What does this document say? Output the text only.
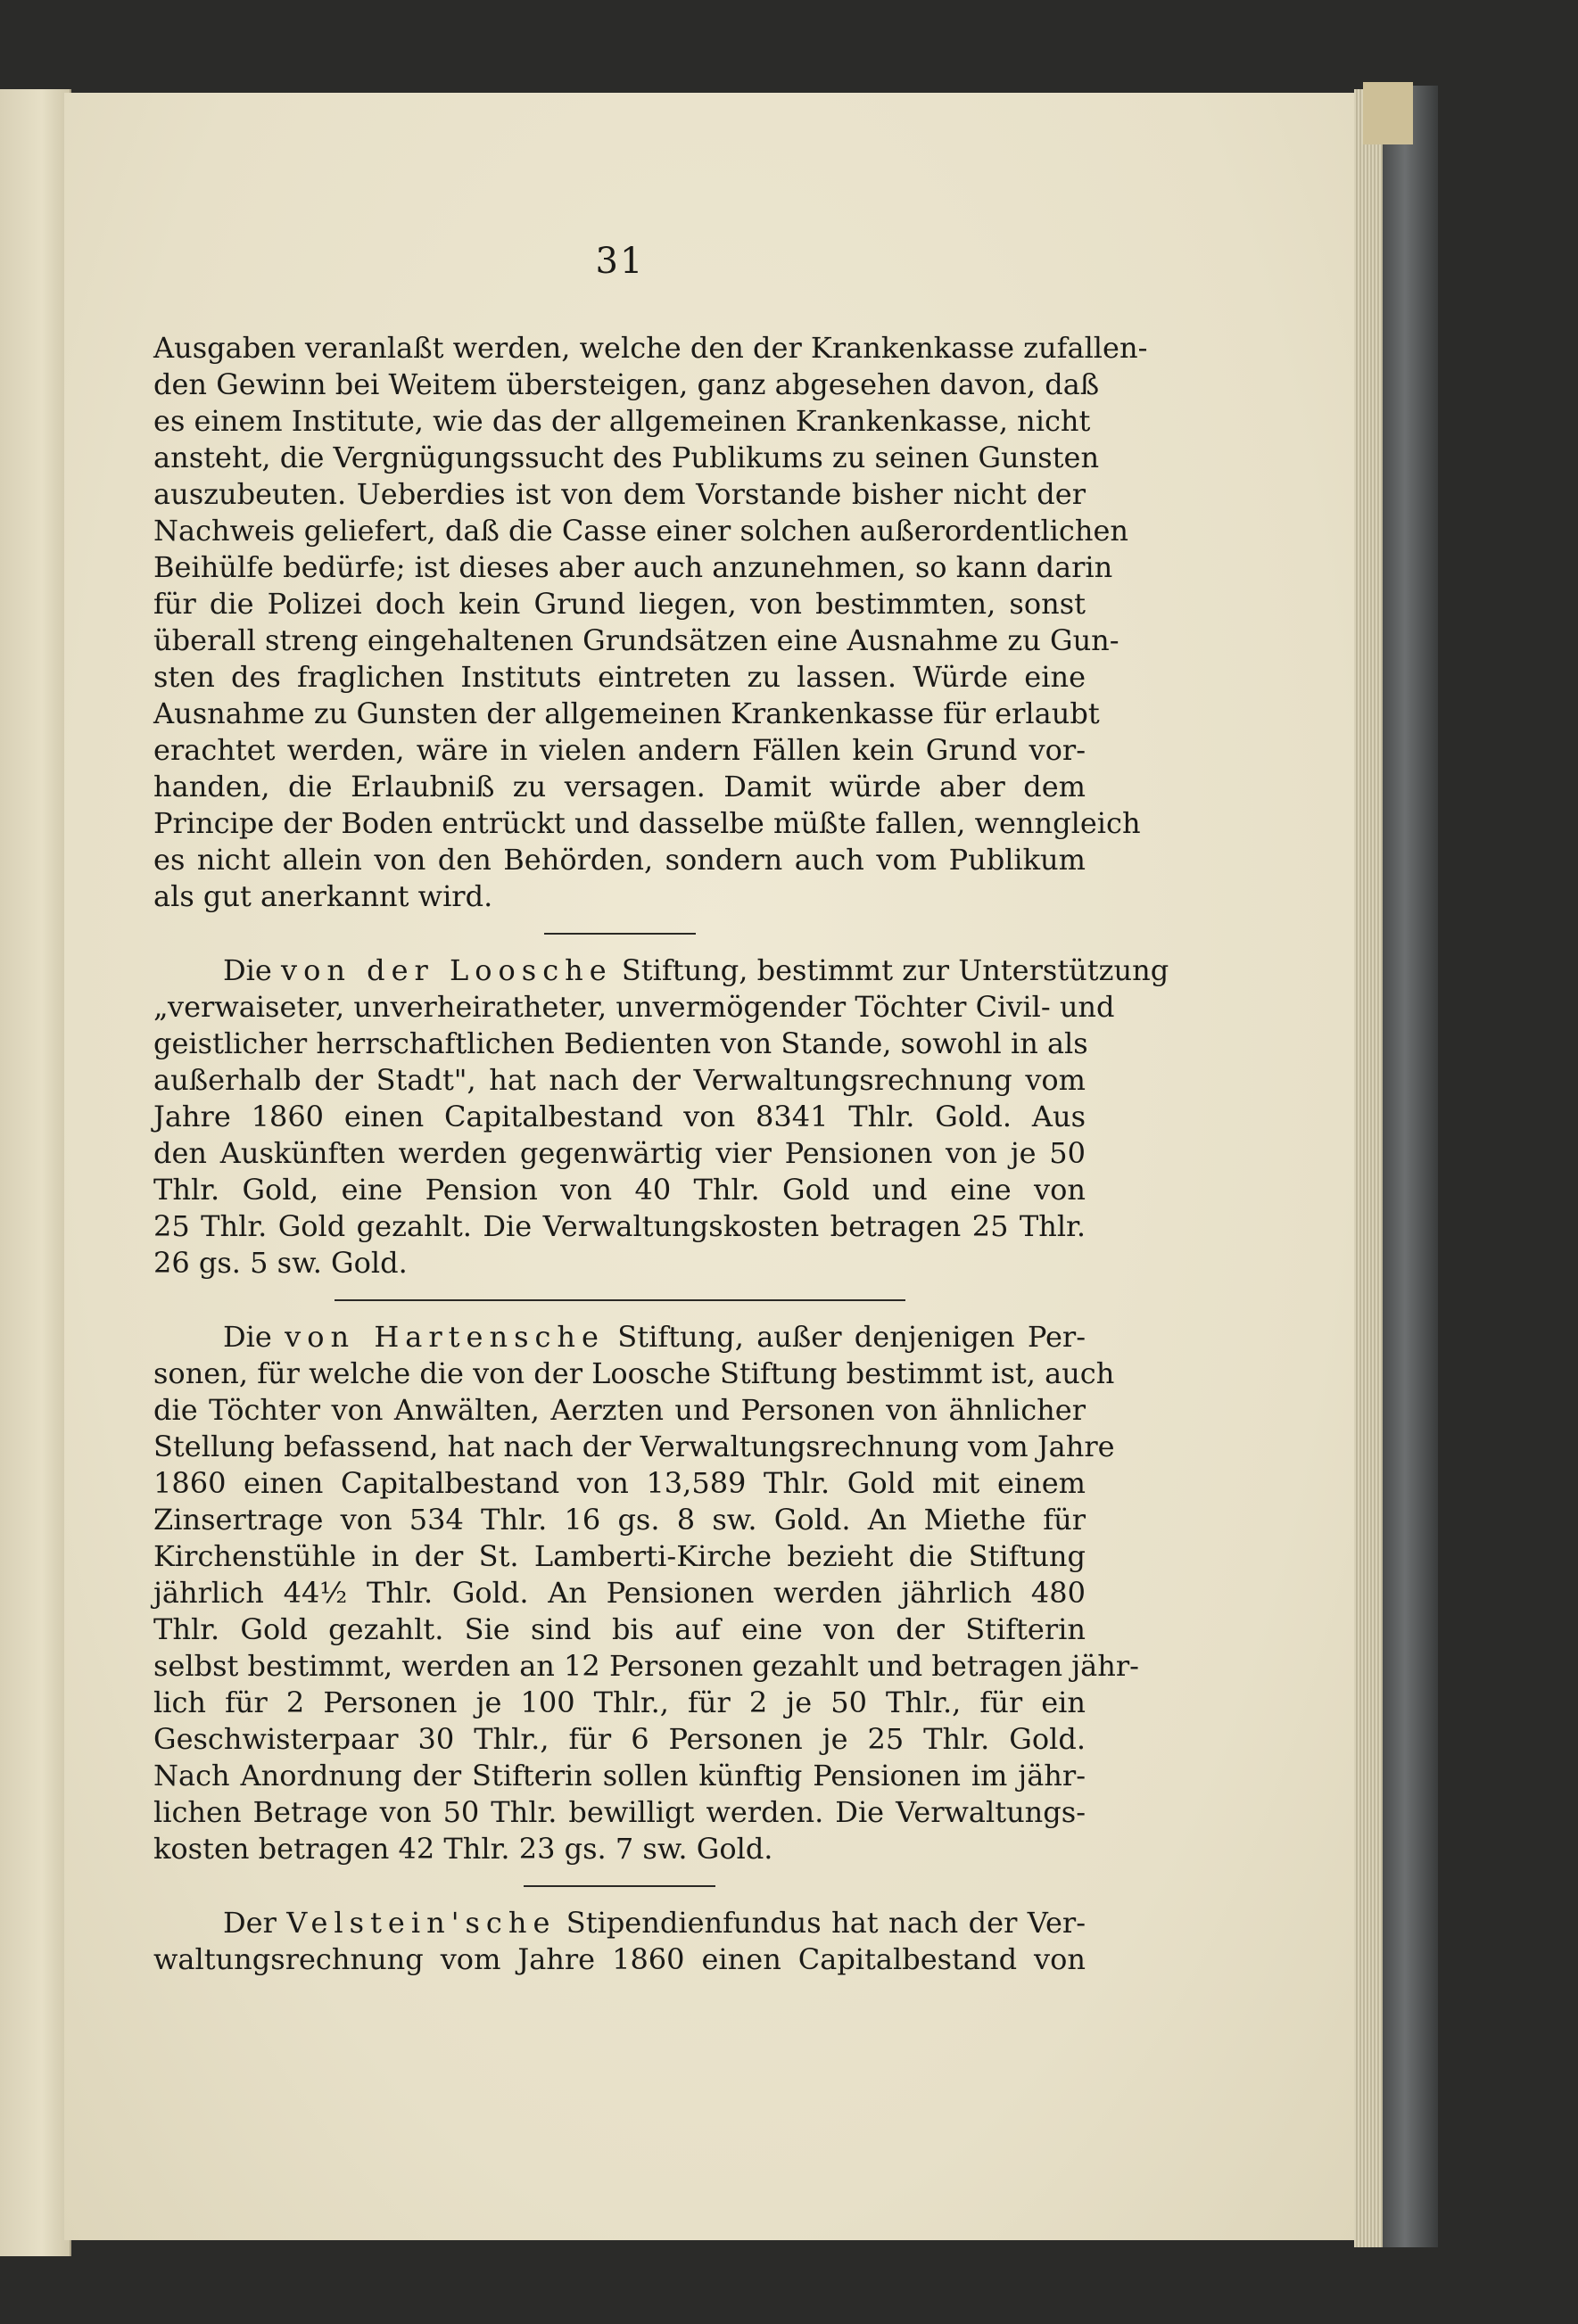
31

Ausgaben veranlaßt werden, welche den der Krankenkasse zufallen-
den Gewinn bei Weitem übersteigen, ganz abgesehen davon, daß
es einem Institute, wie das der allgemeinen Krankenkasse, nicht
ansteht, die Vergnügungssucht des Publikums zu seinen Gunsten
auszubeuten. Ueberdies ist von dem Vorstande bisher nicht der
Nachweis geliefert, daß die Casse einer solchen außerordentlichen
Beihülfe bedürfe; ist dieses aber auch anzunehmen, so kann darin
für die Polizei doch kein Grund liegen, von bestimmten, sonst
überall streng eingehaltenen Grundsätzen eine Ausnahme zu Gun-
sten des fraglichen Instituts eintreten zu lassen. Würde eine
Ausnahme zu Gunsten der allgemeinen Krankenkasse für erlaubt
erachtet werden, wäre in vielen andern Fällen kein Grund vor-
handen, die Erlaubniß zu versagen. Damit würde aber dem
Principe der Boden entrückt und dasselbe müßte fallen, wenngleich
es nicht allein von den Behörden, sondern auch vom Publikum
als gut anerkannt wird.

Die von der Loosche Stiftung, bestimmt zur Unterstützung
„verwaiseter, unverheiratheter, unvermögender Töchter Civil- und
geistlicher herrschaftlichen Bedienten von Stande, sowohl in als
außerhalb der Stadt", hat nach der Verwaltungsrechnung vom
Jahre 1860 einen Capitalbestand von 8341 Thlr. Gold. Aus
den Auskünften werden gegenwärtig vier Pensionen von je 50
Thlr. Gold, eine Pension von 40 Thlr. Gold und eine von
25 Thlr. Gold gezahlt. Die Verwaltungskosten betragen 25 Thlr.
26 gs. 5 sw. Gold.

Die von Hartensche Stiftung, außer denjenigen Per-
sonen, für welche die von der Loosche Stiftung bestimmt ist, auch
die Töchter von Anwälten, Aerzten und Personen von ähnlicher
Stellung befassend, hat nach der Verwaltungsrechnung vom Jahre
1860 einen Capitalbestand von 13,589 Thlr. Gold mit einem
Zinsertrage von 534 Thlr. 16 gs. 8 sw. Gold. An Miethe für
Kirchenstühle in der St. Lamberti-Kirche bezieht die Stiftung
jährlich 44½ Thlr. Gold. An Pensionen werden jährlich 480
Thlr. Gold gezahlt. Sie sind bis auf eine von der Stifterin
selbst bestimmt, werden an 12 Personen gezahlt und betragen jähr-
lich für 2 Personen je 100 Thlr., für 2 je 50 Thlr., für ein
Geschwisterpaar 30 Thlr., für 6 Personen je 25 Thlr. Gold.
Nach Anordnung der Stifterin sollen künftig Pensionen im jähr-
lichen Betrage von 50 Thlr. bewilligt werden. Die Verwaltungs-
kosten betragen 42 Thlr. 23 gs. 7 sw. Gold.

Der Velstein'sche Stipendienfundus hat nach der Ver-
waltungsrechnung vom Jahre 1860 einen Capitalbestand von
